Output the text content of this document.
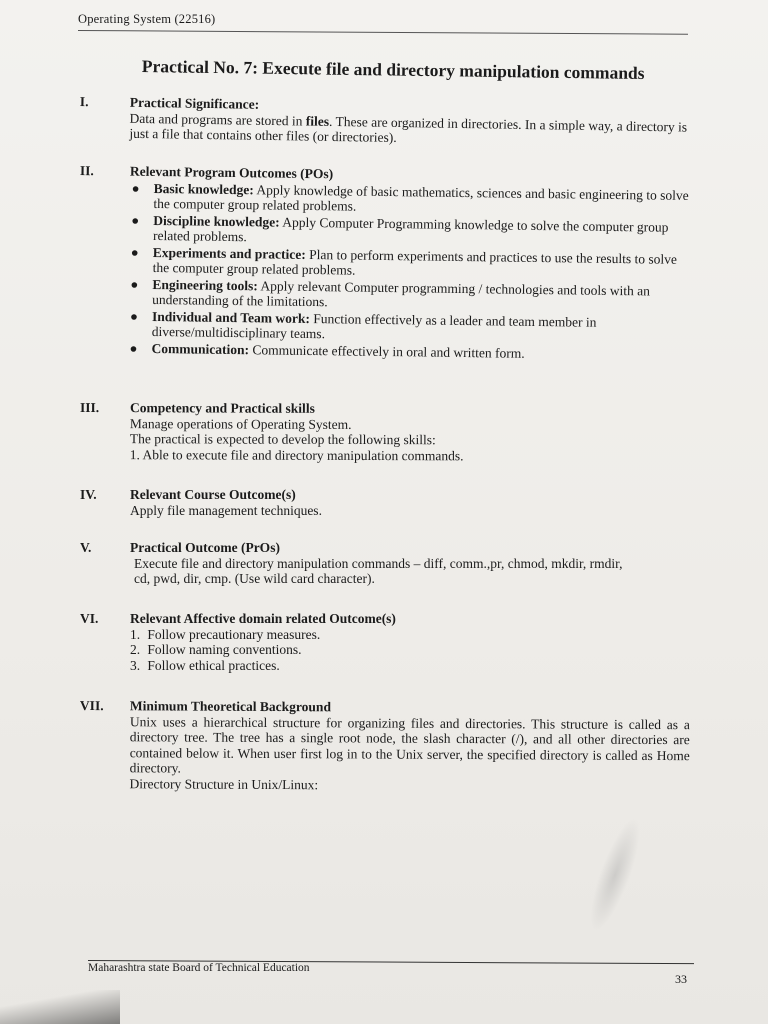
Operating System (22516)
Practical No. 7: Execute file and directory manipulation commands
I.	Practical Significance:

Data and programs are stored in files. These are organized in directories. In a simple way, a directory is just a file that contains other files (or directories).

II.	Relevant Program Outcomes (POs)
● Basic knowledge: Apply knowledge of basic mathematics, sciences and basic engineering to solve the computer group related problems.
● Discipline knowledge: Apply Computer Programming knowledge to solve the computer group related problems.
● Experiments and practice: Plan to perform experiments and practices to use the results to solve the computer group related problems.
● Engineering tools: Apply relevant Computer programming / technologies and tools with an understanding of the limitations.
● Individual and Team work: Function effectively as a leader and team member in diverse/multidisciplinary teams.
● Communication: Communicate effectively in oral and written form.
III. Competency and Practical skills
Manage operations of Operating System.
The practical is expected to develop the following skills:
1. Able to execute file and directory manipulation commands.
IV. Relevant Course Outcome(s)
Apply file management techniques.
V.	Practical Outcome (PrOs)
Execute file and directory manipulation commands – diff, comm.,pr, chmod, mkdir, rmdir, cd, pwd, dir, cmp. (Use wild card character).
VI. Relevant Affective domain related Outcome(s)
1. Follow precautionary measures.
2. Follow naming conventions.
3. Follow ethical practices.
VII. Minimum Theoretical Background
Unix uses a hierarchical structure for organizing files and directories. This structure is called as a directory tree. The tree has a single root node, the slash character (/), and all other directories are contained below it. When user first log in to the Unix server, the specified directory is called as Home directory.
Directory Structure in Unix/Linux:
Maharashtra state Board of Technical Education
33
